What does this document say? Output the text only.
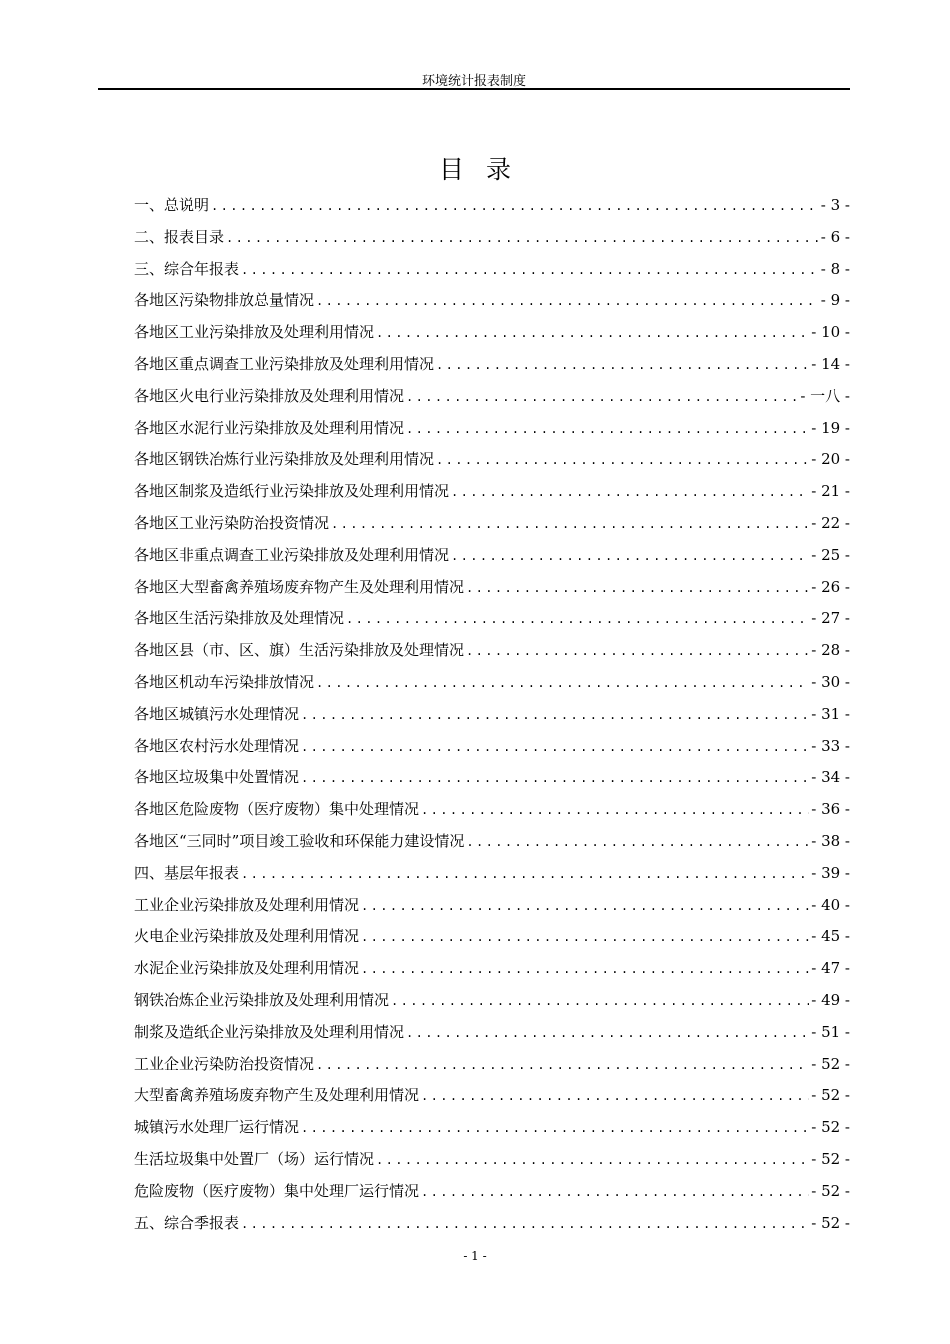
环境统计报表制度
目录
一、总说明 .....	- 3 -
二、报表目录 .....	- 6 -
三、综合年报表 .....	- 8 -
各地区污染物排放总量情况 .....	- 9 -
各地区工业污染排放及处理利用情况 .....	- 10 -
各地区重点调查工业污染排放及处理利用情况 .....	- 14 -
各地区火电行业污染排放及处理利用情况 .....	- 一八 -
各地区水泥行业污染排放及处理利用情况 .....	- 19 -
各地区钢铁冶炼行业污染排放及处理利用情况 .....	- 20 -
各地区制浆及造纸行业污染排放及处理利用情况 .....	- 21 -
各地区工业污染防治投资情况 .....	- 22 -
各地区非重点调查工业污染排放及处理利用情况 .....	- 25 -
各地区大型畜禽养殖场废弃物产生及处理利用情况 .....	- 26 -
各地区生活污染排放及处理情况 .....	- 27 -
各地区县（市、区、旗）生活污染排放及处理情况 .....	- 28 -
各地区机动车污染排放情况 .....	- 30 -
各地区城镇污水处理情况 .....	- 31 -
各地区农村污水处理情况 .....	- 33 -
各地区垃圾集中处置情况 .....	- 34 -
各地区危险废物（医疗废物）集中处理情况 .....	- 36 -
各地区“三同时”项目竣工验收和环保能力建设情况 .....	- 38 -
四、基层年报表 .....	- 39 -
工业企业污染排放及处理利用情况 .....	- 40 -
火电企业污染排放及处理利用情况 .....	- 45 -
水泥企业污染排放及处理利用情况 .....	- 47 -
钢铁冶炼企业污染排放及处理利用情况 .....	- 49 -
制浆及造纸企业污染排放及处理利用情况 .....	- 51 -
工业企业污染防治投资情况 .....	- 52 -
大型畜禽养殖场废弃物产生及处理利用情况 .....	- 52 -
城镇污水处理厂运行情况 .....	- 52 -
生活垃圾集中处置厂（场）运行情况 .....	- 52 -
危险废物（医疗废物）集中处理厂运行情况 .....	- 52 -
五、综合季报表 .....	- 52 -
- 1 -
